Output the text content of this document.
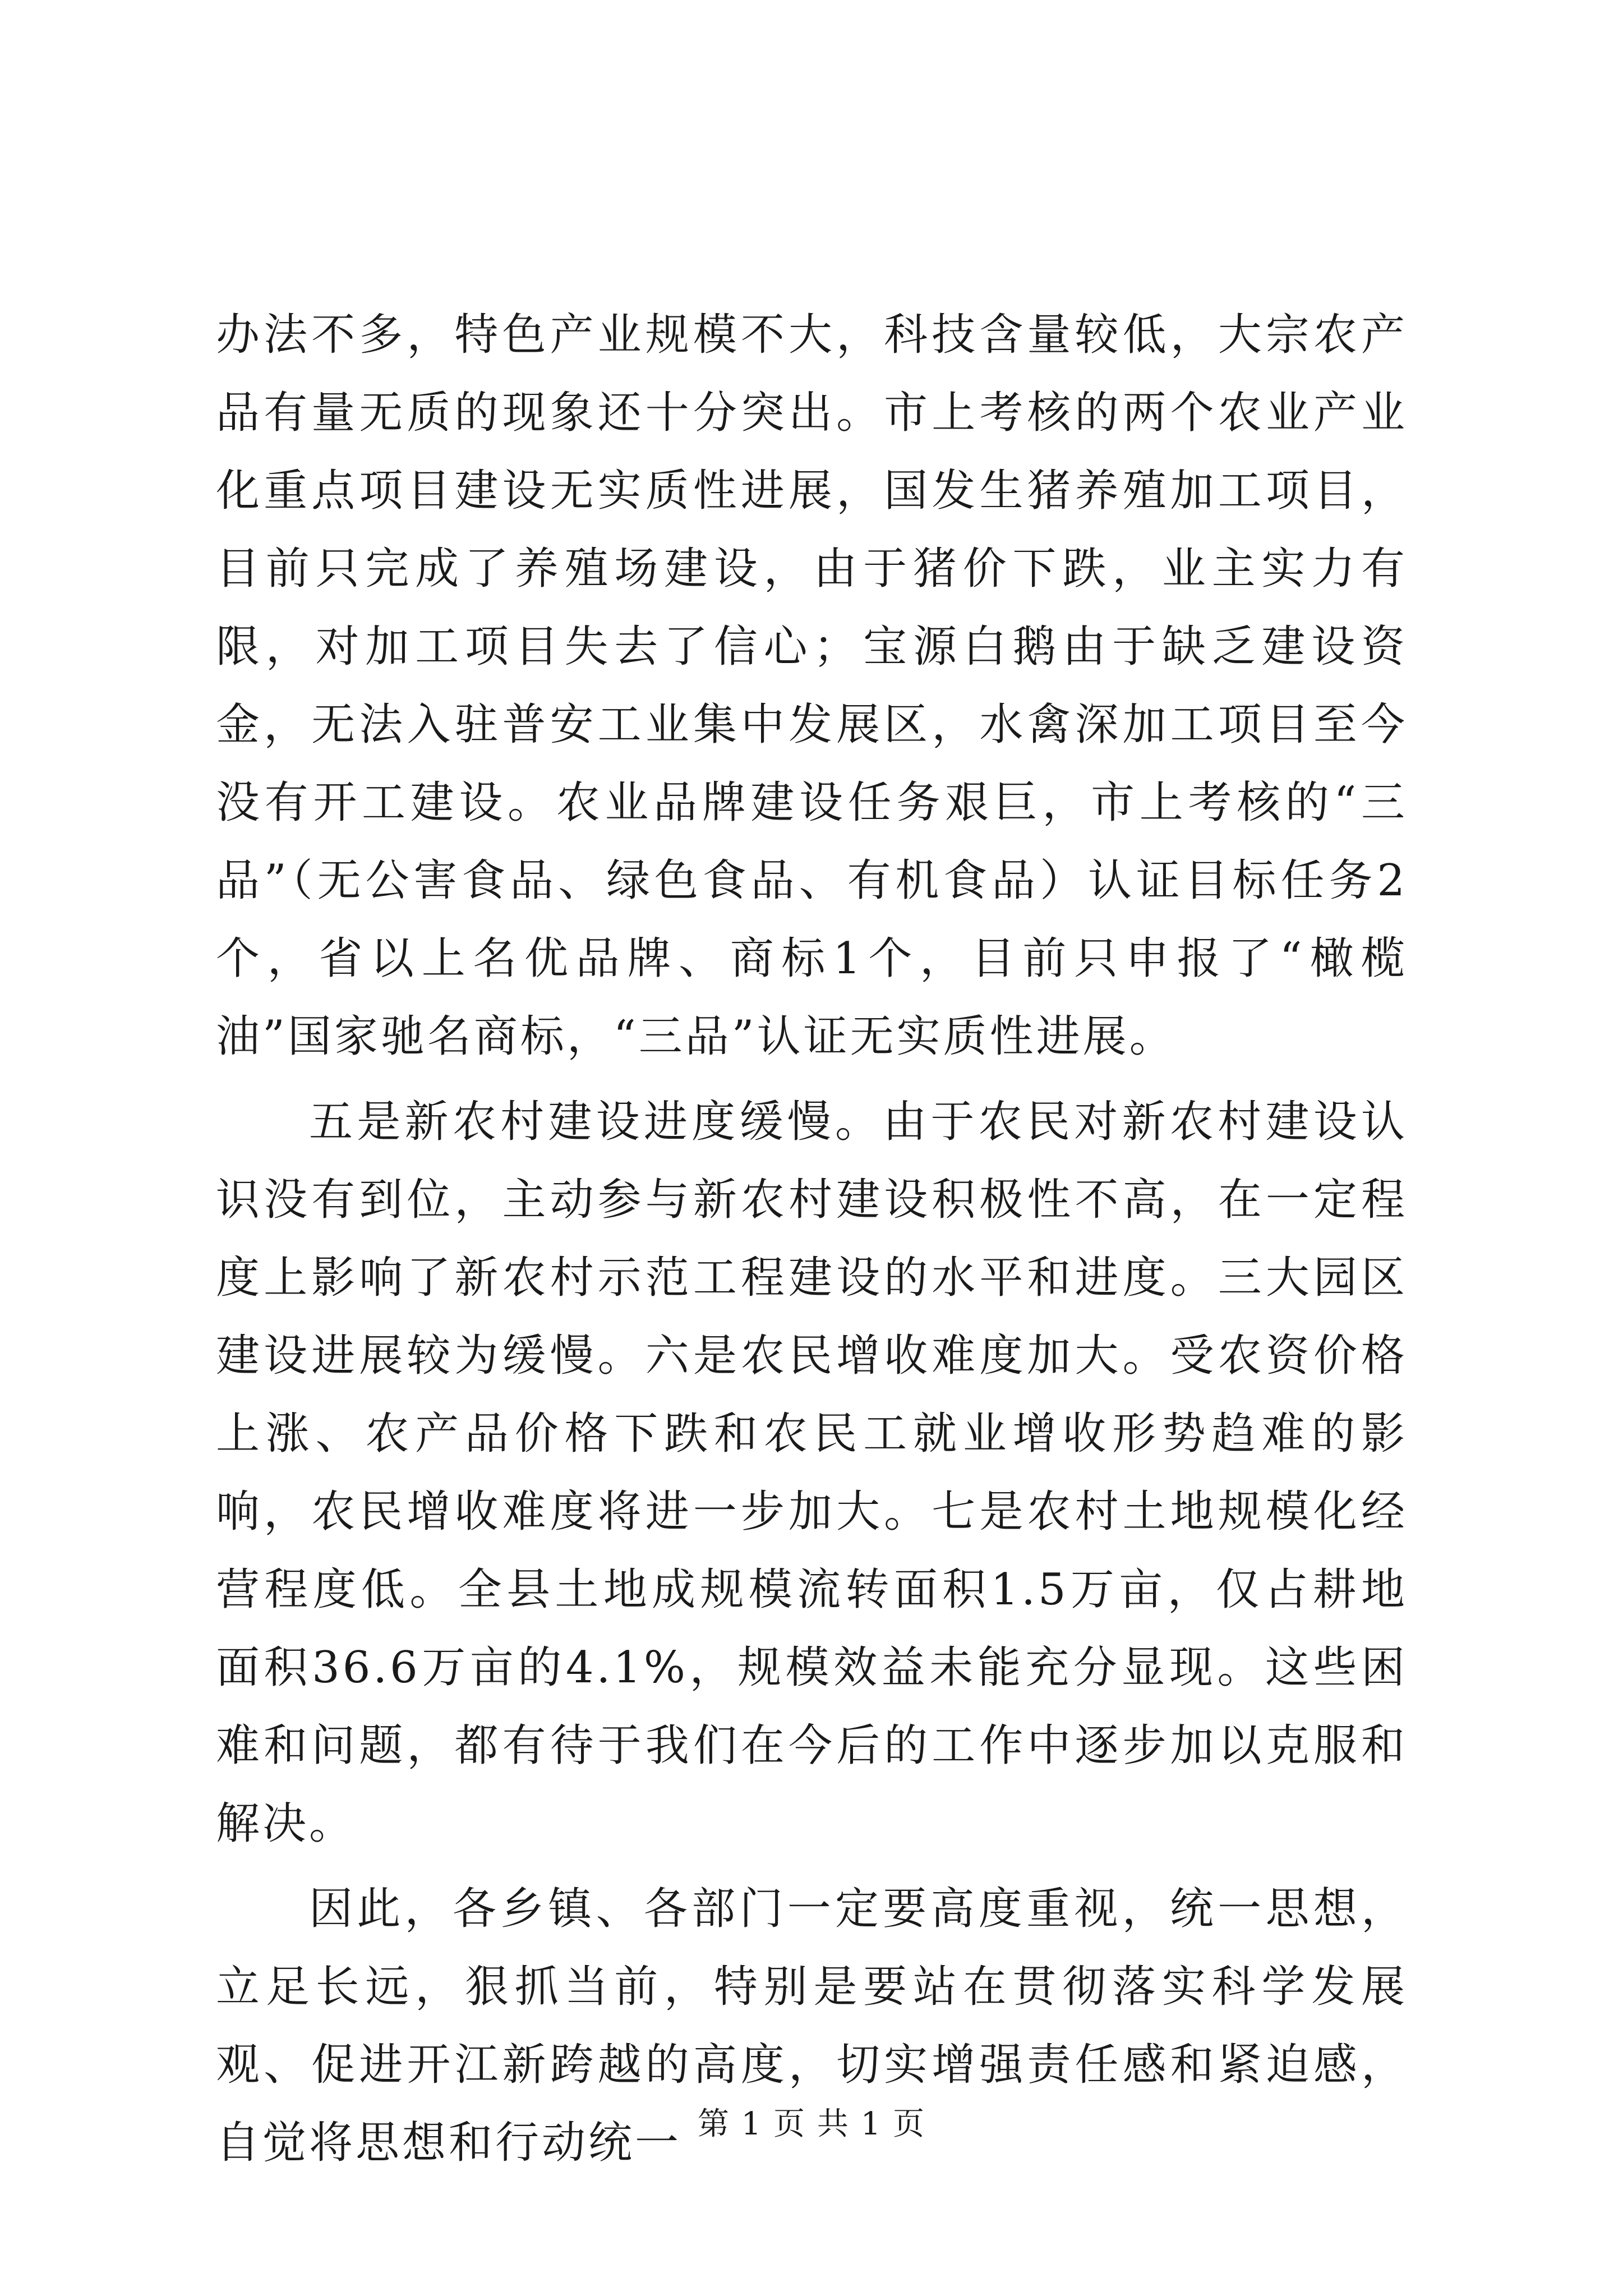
办法不多，特色产业规模不大，科技含量较低，大宗农产品有量无质的现象还十分突出。市上考核的两个农业产业化重点项目建设无实质性进展，国发生猪养殖加工项目，目前只完成了养殖场建设，由于猪价下跌，业主实力有限，对加工项目失去了信心；宝源白鹅由于缺乏建设资金，无法入驻普安工业集中发展区，水禽深加工项目至今没有开工建设。农业品牌建设任务艰巨，市上考核的“三品”（无公害食品、绿色食品、有机食品）认证目标任务2个，省以上名优品牌、商标1个，目前只申报了“橄榄油”国家驰名商标，“三品”认证无实质性进展。

五是新农村建设进度缓慢。由于农民对新农村建设认识没有到位，主动参与新农村建设积极性不高，在一定程度上影响了新农村示范工程建设的水平和进度。三大园区建设进展较为缓慢。六是农民增收难度加大。受农资价格上涨、农产品价格下跌和农民工就业增收形势趋难的影响，农民增收难度将进一步加大。七是农村土地规模化经营程度低。全县土地成规模流转面积1.5万亩，仅占耕地面积36.6万亩的4.1%，规模效益未能充分显现。这些困难和问题，都有待于我们在今后的工作中逐步加以克服和解决。

因此，各乡镇、各部门一定要高度重视，统一思想，立足长远，狠抓当前，特别是要站在贯彻落实科学发展观、促进开江新跨越的高度，切实增强责任感和紧迫感，自觉将思想和行动统一 第 1 页 共 1 页
